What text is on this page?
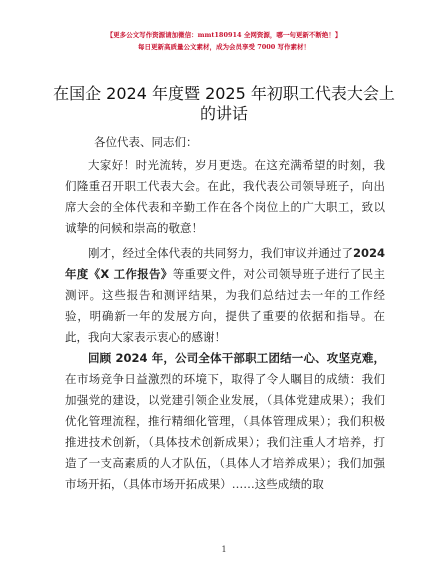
【更多公文写作资源请加微信：mmt180914 全网资源，哪一句更新不断绝！】
每日更新高质量公文素材，成为会员享受 7000 写作素材！
在国企 2024 年度暨 2025 年初职工代表大会上的讲话
各位代表、同志们：

大家好！时光流转，岁月更迭。在这充满希望的时刻，我们隆重召开职工代表大会。在此，我代表公司领导班子，向出席大会的全体代表和辛勤工作在各个岗位上的广大职工，致以诚挚的问候和崇高的敬意！

刚才，经过全体代表的共同努力，我们审议并通过了2024 年度《X 工作报告》等重要文件，对公司领导班子进行了民主测评。这些报告和测评结果，为我们总结过去一年的工作经验，明确新一年的发展方向，提供了重要的依据和指导。在此，我向大家表示衷心的感谢！

回顾 2024 年，公司全体干部职工团结一心、攻坚克难，在市场竞争日益激烈的环境下，取得了令人瞩目的成绩：我们加强党的建设，以党建引领企业发展，（具体党建成果）；我们优化管理流程，推行精细化管理，（具体管理成果）；我们积极推进技术创新，（具体技术创新成果）；我们注重人才培养，打造了一支高素质的人才队伍，（具体人才培养成果）；我们加强市场开拓，（具体市场开拓成果）……这些成绩的取

1
